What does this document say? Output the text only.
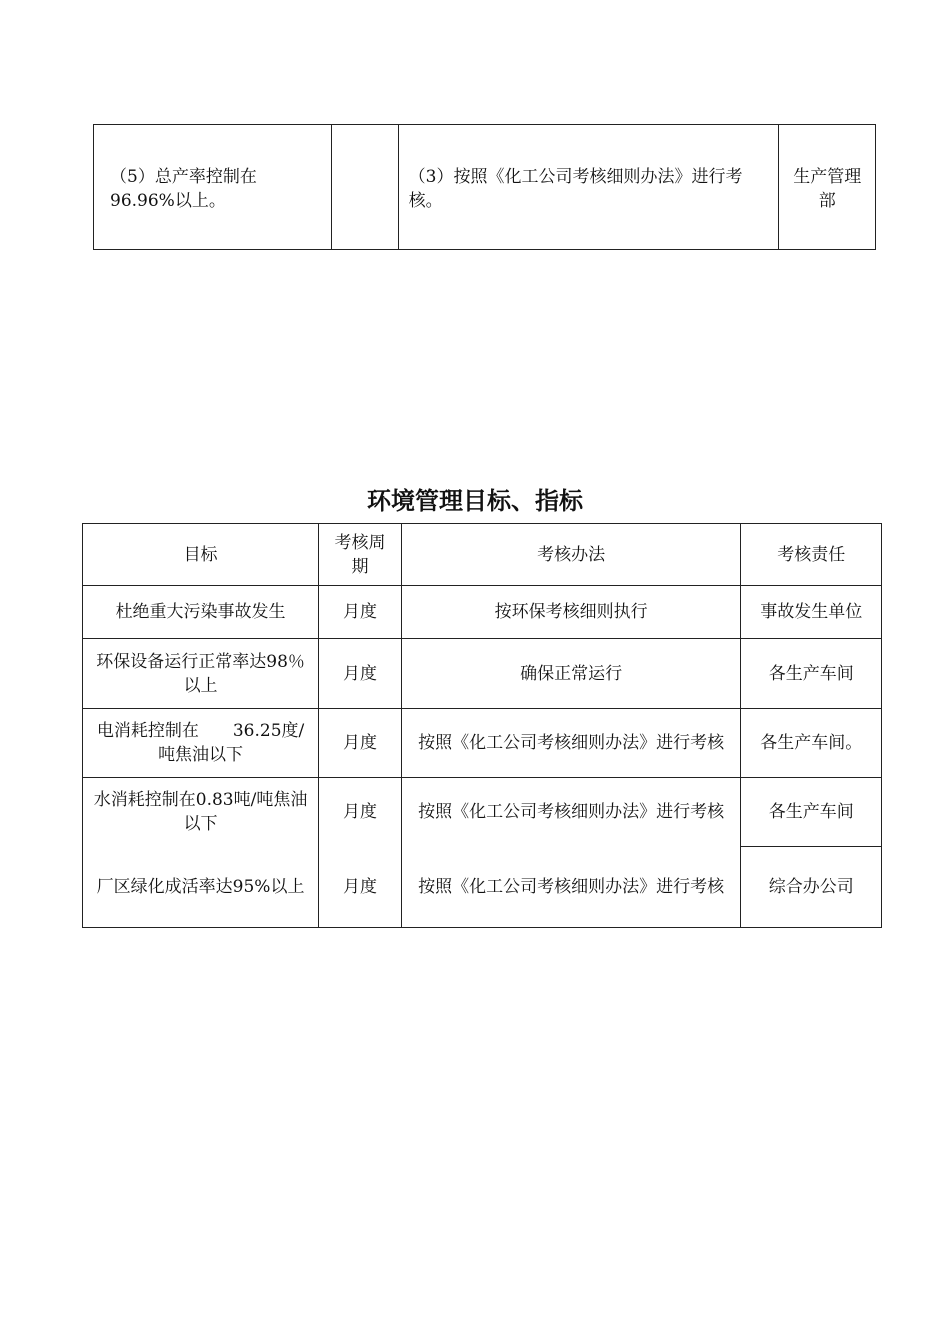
（5）总产率控制在96.96%以上。		（3）按照《化工公司考核细则办法》进行考核。	生产管理部
环境管理目标、指标
目标	考核周期	考核办法	考核责任
杜绝重大污染事故发生	月度	按环保考核细则执行	事故发生单位
环保设备运行正常率达98％以上	月度	确保正常运行	各生产车间
电消耗控制在　　36.25度/吨焦油以下	月度	按照《化工公司考核细则办法》进行考核	各生产车间。
水消耗控制在0.83吨/吨焦油以下	月度	按照《化工公司考核细则办法》进行考核	各生产车间
厂区绿化成活率达95%以上	月度	按照《化工公司考核细则办法》进行考核	综合办公司
